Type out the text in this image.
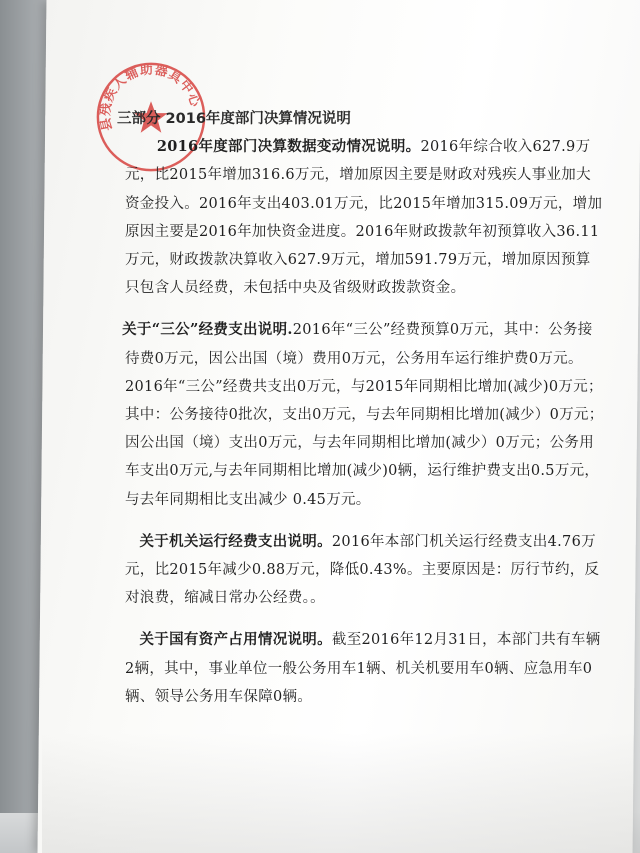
县残疾人辅助器具中心
三部分 2016年度部门决算情况说明

2016年度部门决算数据变动情况说明。2016年综合收入627.9万元，比2015年增加316.6万元，增加原因主要是财政对残疾人事业加大资金投入。2016年支出403.01万元，比2015年增加315.09万元，增加原因主要是2016年加快资金进度。2016年财政拨款年初预算收入36.11万元，财政拨款决算收入627.9万元，增加591.79万元，增加原因预算只包含人员经费，未包括中央及省级财政拨款资金。

关于“三公”经费支出说明.2016年“三公”经费预算0万元，其中：公务接待费0万元，因公出国（境）费用0万元，公务用车运行维护费0万元。2016年“三公”经费共支出0万元，与2015年同期相比增加(减少)0万元；其中：公务接待0批次，支出0万元，与去年同期相比增加(减少）0万元；因公出国（境）支出0万元，与去年同期相比增加(减少）0万元；公务用车支出0万元,与去年同期相比增加(减少)0辆，运行维护费支出0.5万元，与去年同期相比支出减少 0.45万元。

关于机关运行经费支出说明。2016年本部门机关运行经费支出4.76万元，比2015年减少0.88万元，降低0.43%。主要原因是：厉行节约，反对浪费，缩减日常办公经费。。

关于国有资产占用情况说明。截至2016年12月31日，本部门共有车辆2辆，其中，事业单位一般公务用车1辆、机关机要用车0辆、应急用车0辆、领导公务用车保障0辆。
